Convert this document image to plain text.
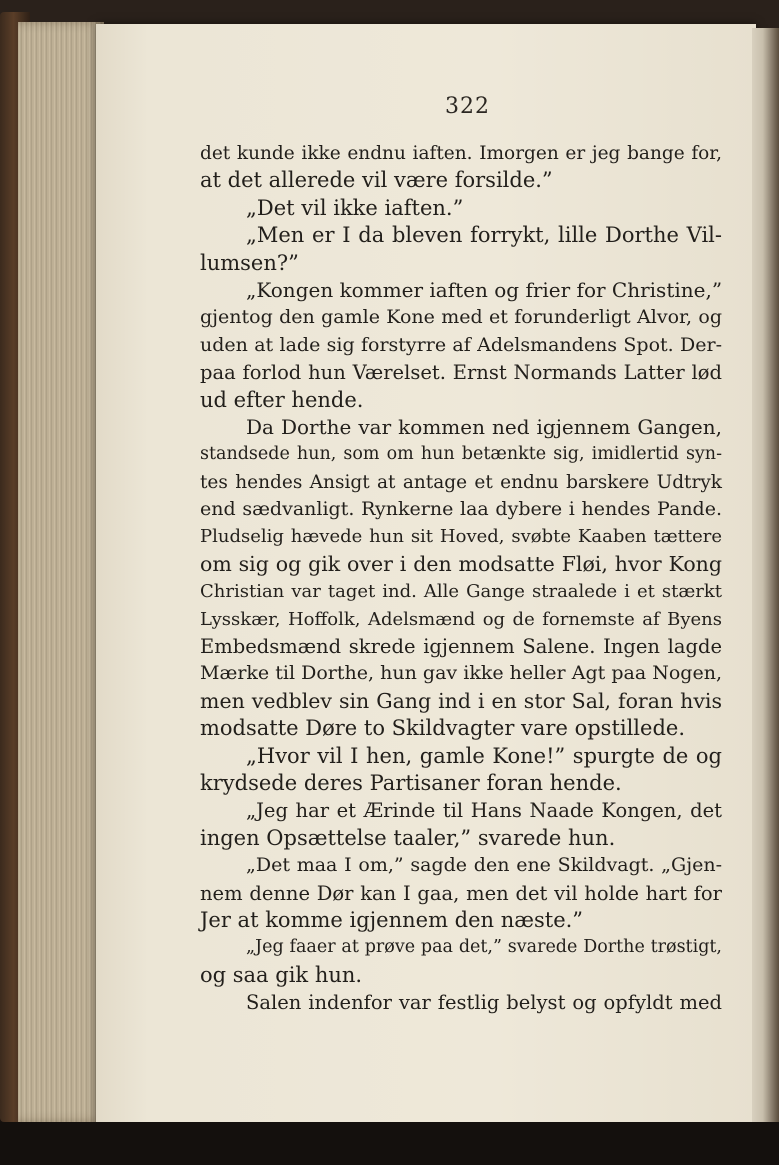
322
det kunde ikke endnu iaften. Imorgen er jeg bange for,
at det allerede vil være forsilde.”
„Det vil ikke iaften.”
„Men er I da bleven forrykt, lille Dorthe Vil-
lumsen?”
„Kongen kommer iaften og frier for Christine,”
gjentog den gamle Kone med et forunderligt Alvor, og
uden at lade sig forstyrre af Adelsmandens Spot. Der-
paa forlod hun Værelset. Ernst Normands Latter lød
ud efter hende.
Da Dorthe var kommen ned igjennem Gangen,
standsede hun, som om hun betænkte sig, imidlertid syn-
tes hendes Ansigt at antage et endnu barskere Udtryk
end sædvanligt. Rynkerne laa dybere i hendes Pande.
Pludselig hævede hun sit Hoved, svøbte Kaaben tættere
om sig og gik over i den modsatte Fløi, hvor Kong
Christian var taget ind. Alle Gange straalede i et stærkt
Lysskær, Hoffolk, Adelsmænd og de fornemste af Byens
Embedsmænd skrede igjennem Salene. Ingen lagde
Mærke til Dorthe, hun gav ikke heller Agt paa Nogen,
men vedblev sin Gang ind i en stor Sal, foran hvis
modsatte Døre to Skildvagter vare opstillede.
„Hvor vil I hen, gamle Kone!” spurgte de og
krydsede deres Partisaner foran hende.
„Jeg har et Ærinde til Hans Naade Kongen, det
ingen Opsættelse taaler,” svarede hun.
„Det maa I om,” sagde den ene Skildvagt. „Gjen-
nem denne Dør kan I gaa, men det vil holde hart for
Jer at komme igjennem den næste.”
„Jeg faaer at prøve paa det,” svarede Dorthe trøstigt,
og saa gik hun.
Salen indenfor var festlig belyst og opfyldt med
